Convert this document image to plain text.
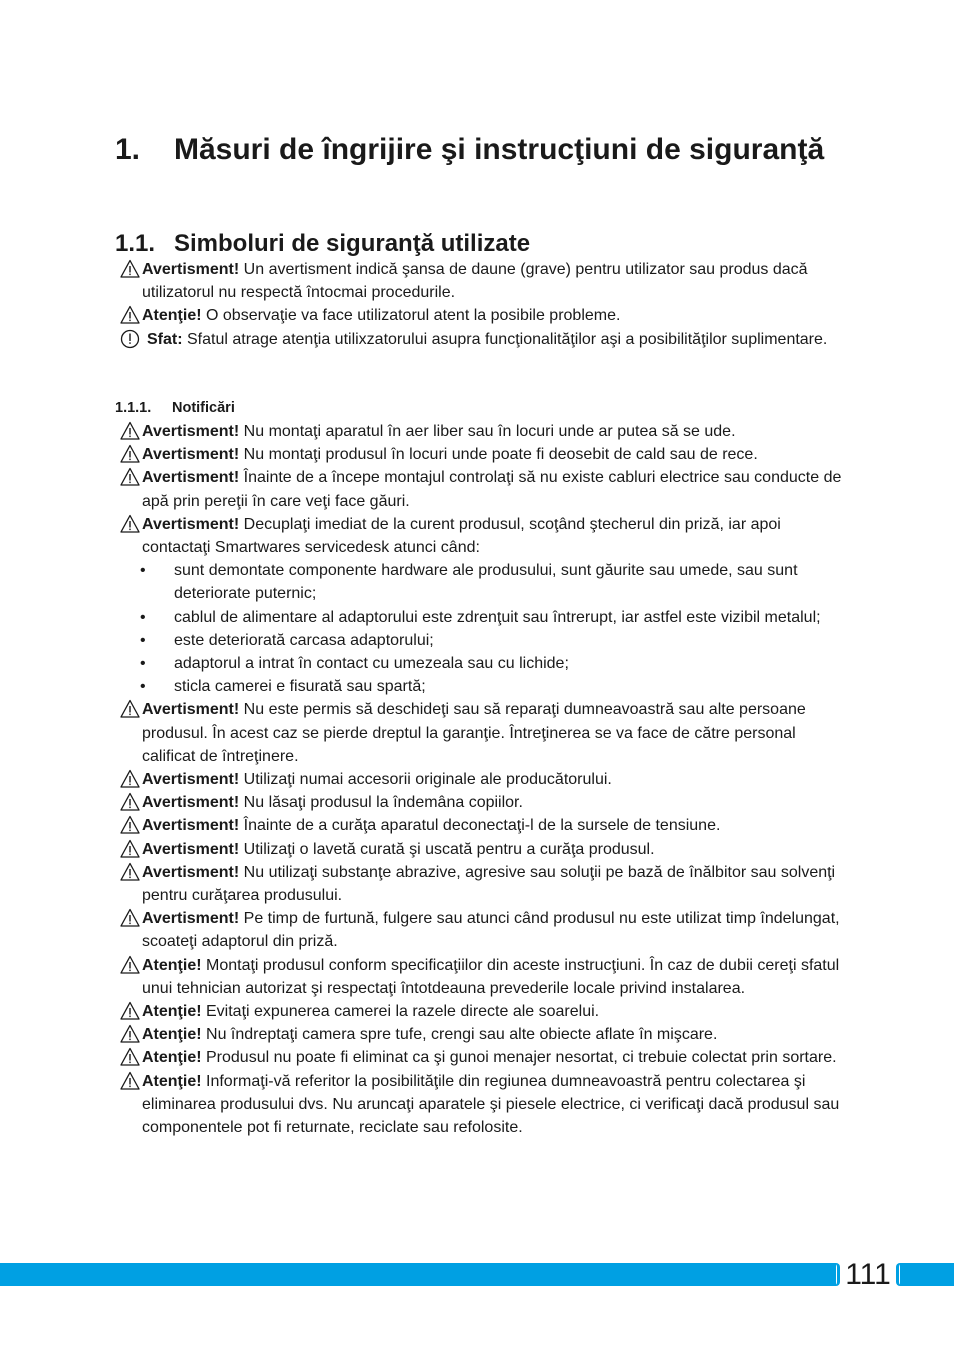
1. Măsuri de îngrijire şi instrucţiuni de siguranţă
1.1. Simboluri de siguranţă utilizate
Avertisment! Un avertisment indică şansa de daune (grave) pentru utilizator sau produs dacă utilizatorul nu respectă întocmai procedurile.
Atenţie! O observaţie va face utilizatorul atent la posibile probleme.
Sfat: Sfatul atrage atenţia utilixzatorului asupra funcţionalităţilor aşi a posibilităţilor suplimentare.
1.1.1. Notificări
Avertisment! Nu montaţi aparatul în aer liber sau în locuri unde ar putea să se ude.
Avertisment! Nu montaţi produsul în locuri unde poate fi deosebit de cald sau de rece.
Avertisment! Înainte de a începe montajul controlaţi să nu existe cabluri electrice sau conducte de apă prin pereţii în care veţi face găuri.
Avertisment! Decuplaţi imediat de la curent produsul, scoţând ştecherul din priză, iar apoi contactaţi Smartwares servicedesk atunci când:
• sunt demontate componente hardware ale produsului, sunt găurite sau umede, sau sunt deteriorate puternic;
• cablul de alimentare al adaptorului este zdrenţuit sau întrerupt, iar astfel este vizibil metalul;
• este deteriorată carcasa adaptorului;
• adaptorul a intrat în contact cu umezeala sau cu lichide;
• sticla camerei e fisurată sau spartă;
Avertisment! Nu este permis să deschideţi sau să reparaţi dumneavoastră sau alte persoane produsul. În acest caz se pierde dreptul la garanţie. Întreţinerea se va face de către personal calificat de întreţinere.
Avertisment! Utilizaţi numai accesorii originale ale producătorului.
Avertisment! Nu lăsaţi produsul la îndemâna copiilor.
Avertisment! Înainte de a curăţa aparatul deconectaţi-l de la sursele de tensiune.
Avertisment! Utilizaţi o lavetă curată şi uscată pentru a curăţa produsul.
Avertisment! Nu utilizaţi substanţe abrazive, agresive sau soluţii pe bază de înălbitor sau solvenţi pentru curăţarea produsului.
Avertisment! Pe timp de furtună, fulgere sau atunci când produsul nu este utilizat timp îndelungat, scoateţi adaptorul din priză.
Atenţie! Montaţi produsul conform specificaţiilor din aceste instrucţiuni. În caz de dubii cereţi sfatul unui tehnician autorizat şi respectaţi întotdeauna prevederile locale privind instalarea.
Atenţie! Evitaţi expunerea camerei la razele directe ale soarelui.
Atenţie! Nu îndreptaţi camera spre tufe, crengi sau alte obiecte aflate în mişcare.
Atenţie! Produsul nu poate fi eliminat ca şi gunoi menajer nesortat, ci trebuie colectat prin sortare.
Atenţie! Informaţi-vă referitor la posibilităţile din regiunea dumneavoastră pentru colectarea şi eliminarea produsului dvs. Nu aruncaţi aparatele şi piesele electrice, ci verificaţi dacă produsul sau componentele pot fi returnate, reciclate sau refolosite.
111
